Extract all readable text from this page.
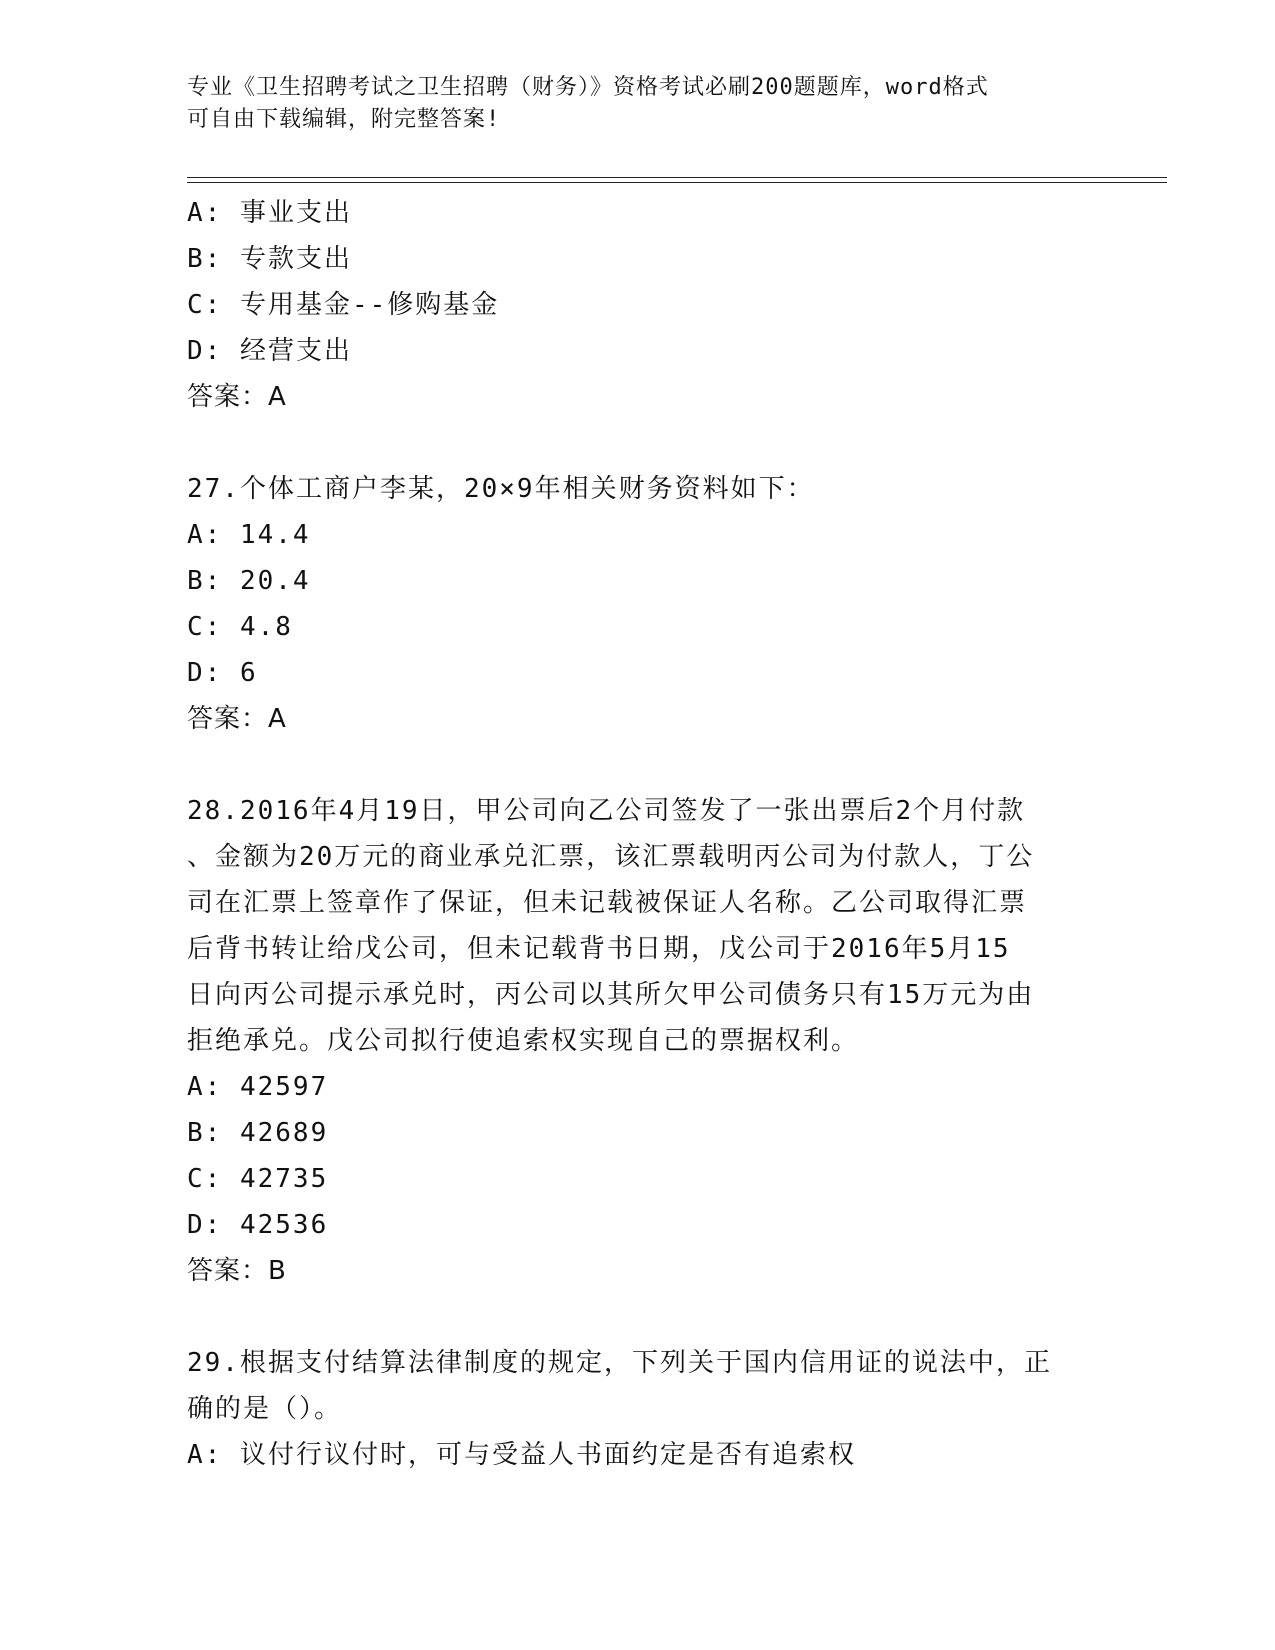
专业《卫生招聘考试之卫生招聘（财务）》资格考试必刷200题题库，word格式
可自由下载编辑，附完整答案!
A: 事业支出
B: 专款支出
C: 专用基金--修购基金
D: 经营支出
答案：A
27.个体工商户李某，20×9年相关财务资料如下：
A: 14.4
B: 20.4
C: 4.8
D: 6
答案：A
28.2016年4月19日，甲公司向乙公司签发了一张出票后2个月付款
、金额为20万元的商业承兑汇票，该汇票载明丙公司为付款人，丁公
司在汇票上签章作了保证，但未记载被保证人名称。乙公司取得汇票
后背书转让给戊公司，但未记载背书日期，戊公司于2016年5月15
日向丙公司提示承兑时，丙公司以其所欠甲公司债务只有15万元为由
拒绝承兑。戊公司拟行使追索权实现自己的票据权利。
A: 42597
B: 42689
C: 42735
D: 42536
答案：B
29.根据支付结算法律制度的规定，下列关于国内信用证的说法中，正
确的是（）。
A: 议付行议付时，可与受益人书面约定是否有追索权
